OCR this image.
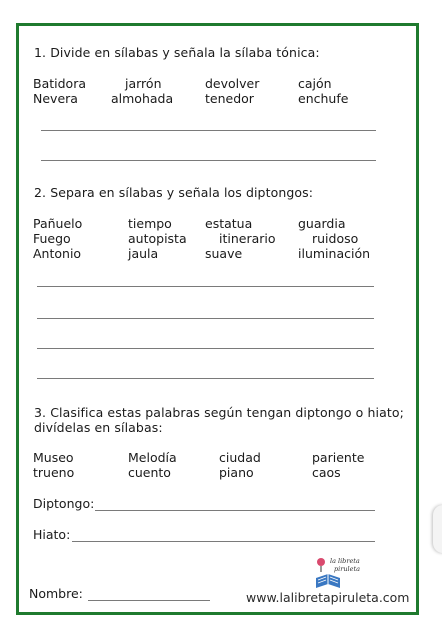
1. Divide en sílabas y señala la sílaba tónica:
Batidora	jarrón	devolver	cajón
Nevera	almohada	tenedor	enchufe
2. Separa en sílabas y señala los diptongos:
Pañuelo	tiempo	estatua	guardia
Fuego	autopista	itinerario	ruidoso
Antonio	jaula	suave	iluminación
3. Clasifica estas palabras según tengan diptongo o hiato;
divídelas en sílabas:
Museo	Melodía	ciudad	pariente
trueno	cuento	piano	caos
Diptongo:
Hiato:
Nombre:	www.lalibretapiruleta.com
la libreta
piruleta
